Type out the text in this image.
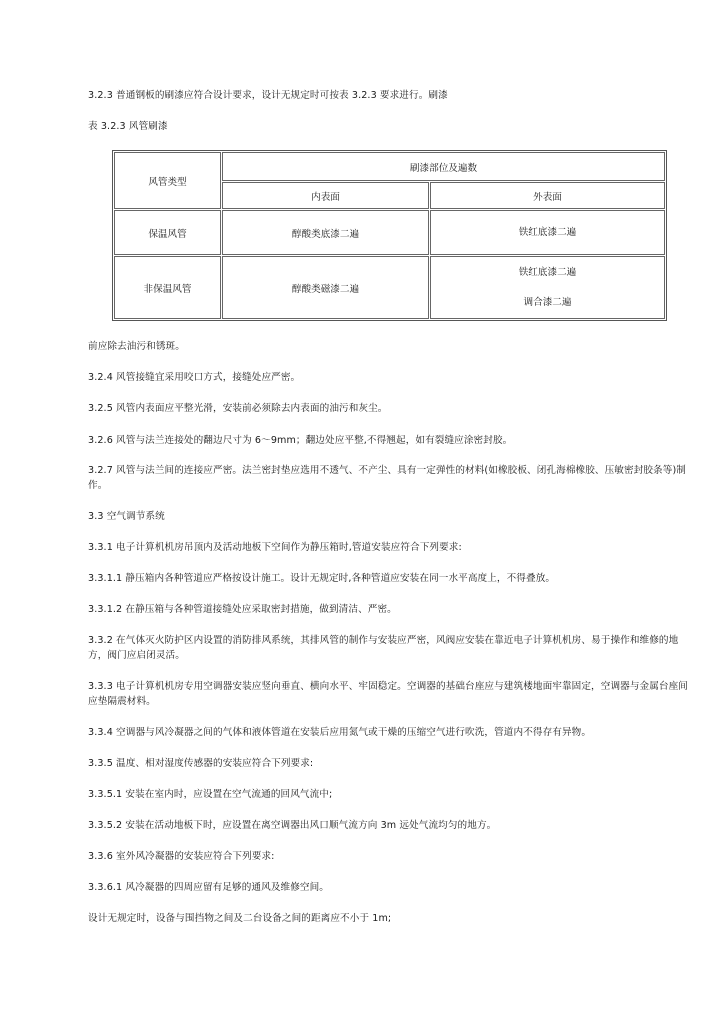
3.2.3 普通钢板的刷漆应符合设计要求，设计无规定时可按表 3.2.3 要求进行。刷漆
表 3.2.3 风管刷漆
风管类型	刷漆部位及遍数	
	内表面	外表面
保温风管	醇酸类底漆二遍	铁红底漆二遍

非保温风管	醇酸类磁漆二遍	铁红底漆二遍
调合漆二遍
前应除去油污和锈斑。
3.2.4 风管接缝宜采用咬口方式，接缝处应严密。
3.2.5 风管内表面应平整光滑，安装前必须除去内表面的油污和灰尘。
3.2.6 风管与法兰连接处的翻边尺寸为 6～9mm；翻边处应平整,不得翘起，如有裂缝应涂密封胶。
3.2.7 风管与法兰间的连接应严密。法兰密封垫应选用不透气、不产尘、具有一定弹性的材料(如橡胶板、闭孔海棉橡胶、压敏密封胶条等)制作。
3.3 空气调节系统
3.3.1 电子计算机机房吊顶内及活动地板下空间作为静压箱时,管道安装应符合下列要求:
3.3.1.1 静压箱内各种管道应严格按设计施工。设计无规定时,各种管道应安装在同一水平高度上，不得叠放。
3.3.1.2 在静压箱与各种管道接缝处应采取密封措施，做到清洁、严密。
3.3.2 在气体灭火防护区内设置的消防排风系统，其排风管的制作与安装应严密，风阀应安装在靠近电子计算机机房、易于操作和维修的地方，阀门应启闭灵活。
3.3.3 电子计算机机房专用空调器安装应竖向垂直、横向水平、牢固稳定。空调器的基础台座应与建筑楼地面牢靠固定，空调器与金属台座间应垫隔震材料。
3.3.4 空调器与风冷凝器之间的气体和液体管道在安装后应用氮气或干燥的压缩空气进行吹洗，管道内不得存有异物。
3.3.5 温度、相对湿度传感器的安装应符合下列要求:
3.3.5.1 安装在室内时，应设置在空气流通的回风气流中;
3.3.5.2 安装在活动地板下时，应设置在离空调器出风口顺气流方向 3m 远处气流均匀的地方。
3.3.6 室外风冷凝器的安装应符合下列要求:
3.3.6.1 风冷凝器的四周应留有足够的通风及维修空间。
设计无规定时，设备与围挡物之间及二台设备之间的距离应不小于 1m;
